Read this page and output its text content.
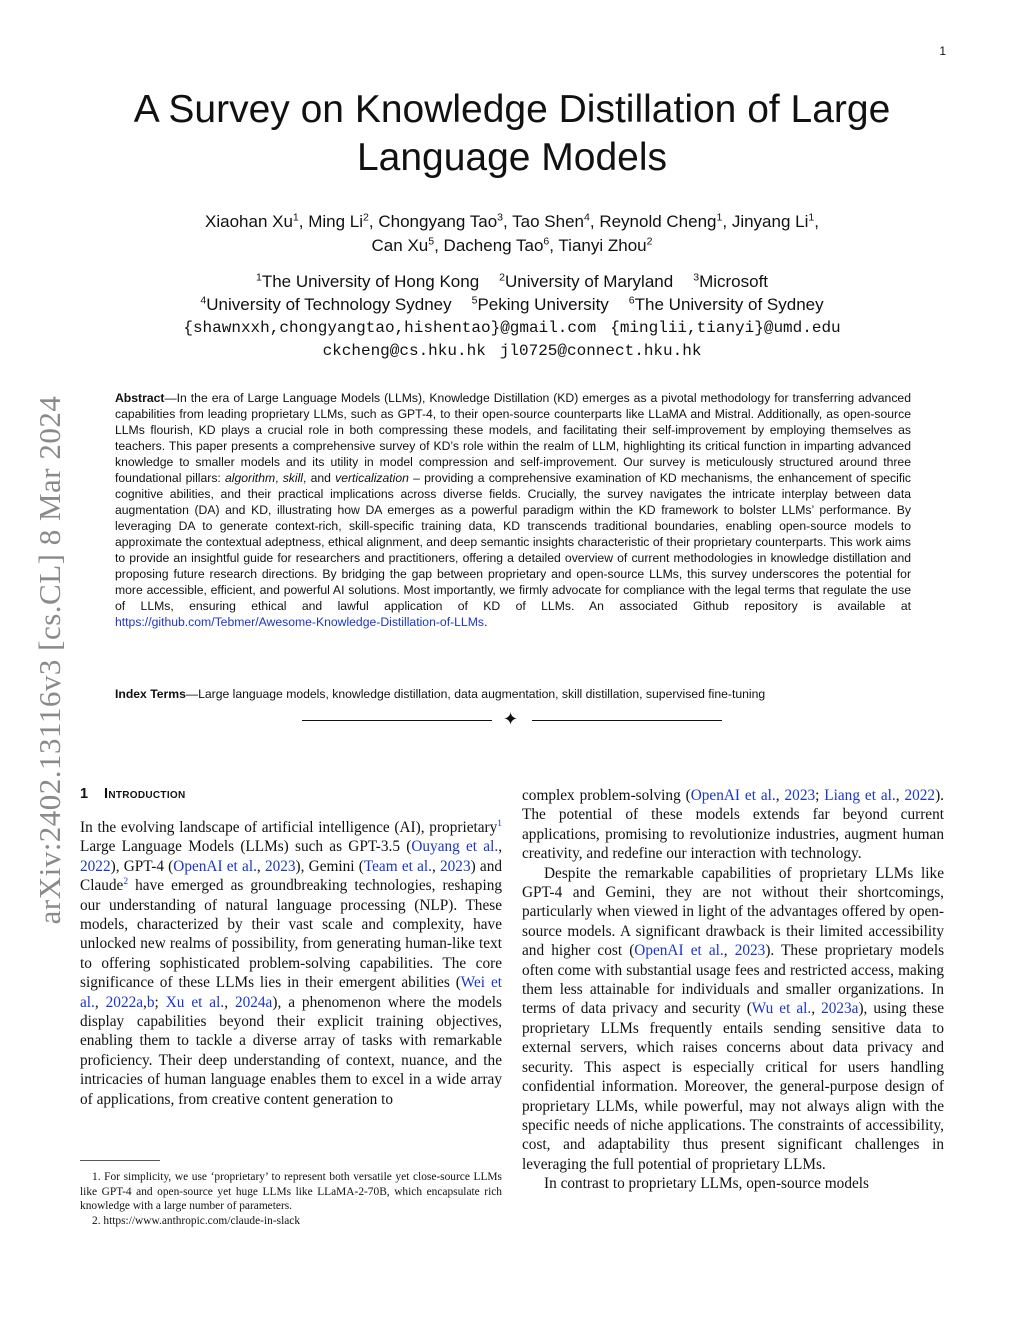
1
arXiv:2402.13116v3 [cs.CL] 8 Mar 2024
A Survey on Knowledge Distillation of Large Language Models
Xiaohan Xu$^1$, Ming Li$^2$, Chongyang Tao$^3$, Tao Shen$^4$, Reynold Cheng$^1$, Jinyang Li$^1$,
Can Xu$^5$, Dacheng Tao$^6$, Tianyi Zhou$^2$
$^1$The University of Hong Kong $^2$University of Maryland $^3$Microsoft
$^4$University of Technology Sydney $^5$Peking University $^6$The University of Sydney
{shawnxxh,chongyangtao,hishentao}@gmail.com {minglii,tianyi}@umd.edu
ckcheng@cs.hku.hk jl0725@connect.hku.hk

Abstract—In the era of Large Language Models (LLMs), Knowledge Distillation (KD) emerges as a pivotal methodology for transferring advanced capabilities from leading proprietary LLMs, such as GPT-4, to their open-source counterparts like LLaMA and Mistral. Additionally, as open-source LLMs flourish, KD plays a crucial role in both compressing these models, and facilitating their self-improvement by employing themselves as teachers. This paper presents a comprehensive survey of KD’s role within the realm of LLM, highlighting its critical function in imparting advanced knowledge to smaller models and its utility in model compression and self-improvement. Our survey is meticulously structured around three foundational pillars: algorithm, skill, and verticalization – providing a comprehensive examination of KD mechanisms, the enhancement of specific cognitive abilities, and their practical implications across diverse fields. Crucially, the survey navigates the intricate interplay between data augmentation (DA) and KD, illustrating how DA emerges as a powerful paradigm within the KD framework to bolster LLMs’ performance. By leveraging DA to generate context-rich, skill-specific training data, KD transcends traditional boundaries, enabling open-source models to approximate the contextual adeptness, ethical alignment, and deep semantic insights characteristic of their proprietary counterparts. This work aims to provide an insightful guide for researchers and practitioners, offering a detailed overview of current methodologies in knowledge distillation and proposing future research directions. By bridging the gap between proprietary and open-source LLMs, this survey underscores the potential for more accessible, efficient, and powerful AI solutions. Most importantly, we firmly advocate for compliance with the legal terms that regulate the use of LLMs, ensuring ethical and lawful application of KD of LLMs. An associated Github repository is available at https://github.com/Tebmer/Awesome-Knowledge-Distillation-of-LLMs.

Index Terms—Large language models, knowledge distillation, data augmentation, skill distillation, supervised fine-tuning

✦
1 Introduction

In the evolving landscape of artificial intelligence (AI), proprietary$^1$ Large Language Models (LLMs) such as GPT-3.5 (Ouyang et al., 2022), GPT-4 (OpenAI et al., 2023), Gemini (Team et al., 2023) and Claude$^2$ have emerged as groundbreaking technologies, reshaping our understanding of natural language processing (NLP). These models, characterized by their vast scale and complexity, have unlocked new realms of possibility, from generating human-like text to offering sophisticated problem-solving capabilities. The core significance of these LLMs lies in their emergent abilities (Wei et al., 2022a,b; Xu et al., 2024a), a phenomenon where the models display capabilities beyond their explicit training objectives, enabling them to tackle a diverse array of tasks with remarkable proficiency. Their deep understanding of context, nuance, and the intricacies of human language enables them to excel in a wide array of applications, from creative content generation to

1. For simplicity, we use ‘proprietary’ to represent both versatile yet close-source LLMs like GPT-4 and open-source yet huge LLMs like LLaMA-2-70B, which encapsulate rich knowledge with a large number of parameters.

2. https://www.anthropic.com/claude-in-slack

complex problem-solving (OpenAI et al., 2023; Liang et al., 2022). The potential of these models extends far beyond current applications, promising to revolutionize industries, augment human creativity, and redefine our interaction with technology.

Despite the remarkable capabilities of proprietary LLMs like GPT-4 and Gemini, they are not without their shortcomings, particularly when viewed in light of the advantages offered by open-source models. A significant drawback is their limited accessibility and higher cost (OpenAI et al., 2023). These proprietary models often come with substantial usage fees and restricted access, making them less attainable for individuals and smaller organizations. In terms of data privacy and security (Wu et al., 2023a), using these proprietary LLMs frequently entails sending sensitive data to external servers, which raises concerns about data privacy and security. This aspect is especially critical for users handling confidential information. Moreover, the general-purpose design of proprietary LLMs, while powerful, may not always align with the specific needs of niche applications. The constraints of accessibility, cost, and adaptability thus present significant challenges in leveraging the full potential of proprietary LLMs.

In contrast to proprietary LLMs, open-source models
